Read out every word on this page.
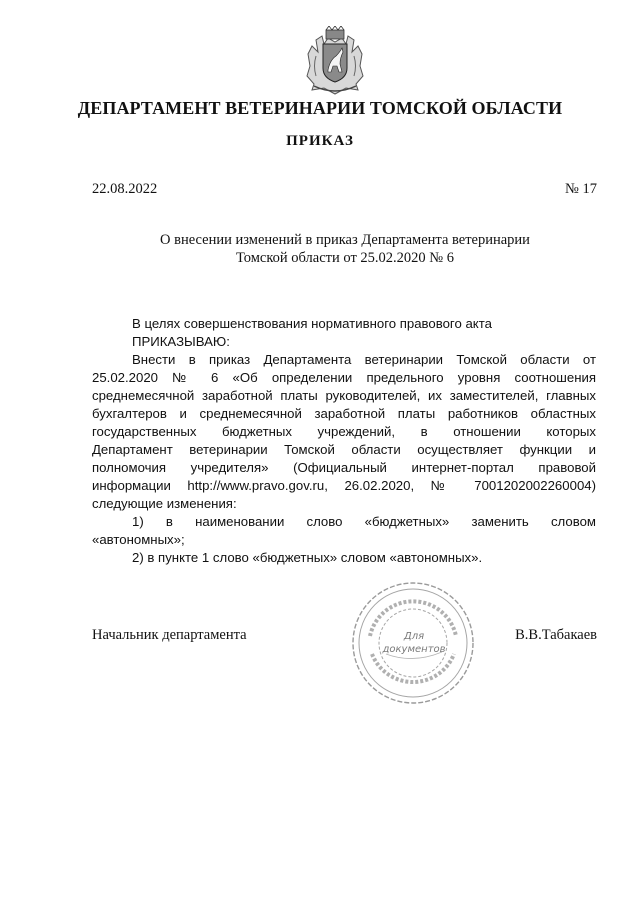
ДЕПАРТАМЕНТ ВЕТЕРИНАРИИ ТОМСКОЙ ОБЛАСТИ
ПРИКАЗ
22.08.2022	№ 17
О внесении изменений в приказ Департамента ветеринарии
Томской области от 25.02.2020 № 6
В целях совершенствования нормативного правового акта
ПРИКАЗЫВАЮ:
Внести в приказ Департамента ветеринарии Томской области от
25.02.2020 № 6 «Об определении предельного уровня соотношения
среднемесячной заработной платы руководителей, их заместителей, главных
бухгалтеров и среднемесячной заработной платы работников областных
государственных бюджетных учреждений, в отношении которых
Департамент ветеринарии Томской области осуществляет функции и
полномочия учредителя» (Официальный интернет-портал правовой
информации http://www.pravo.gov.ru, 26.02.2020, № 7001202002260004)
следующие изменения:
1) в наименовании слово «бюджетных» заменить словом
«автономных»;
2) в пункте 1 слово «бюджетных» словом «автономных».
Начальник департамента	В.В.Табакаев
Для
документов
